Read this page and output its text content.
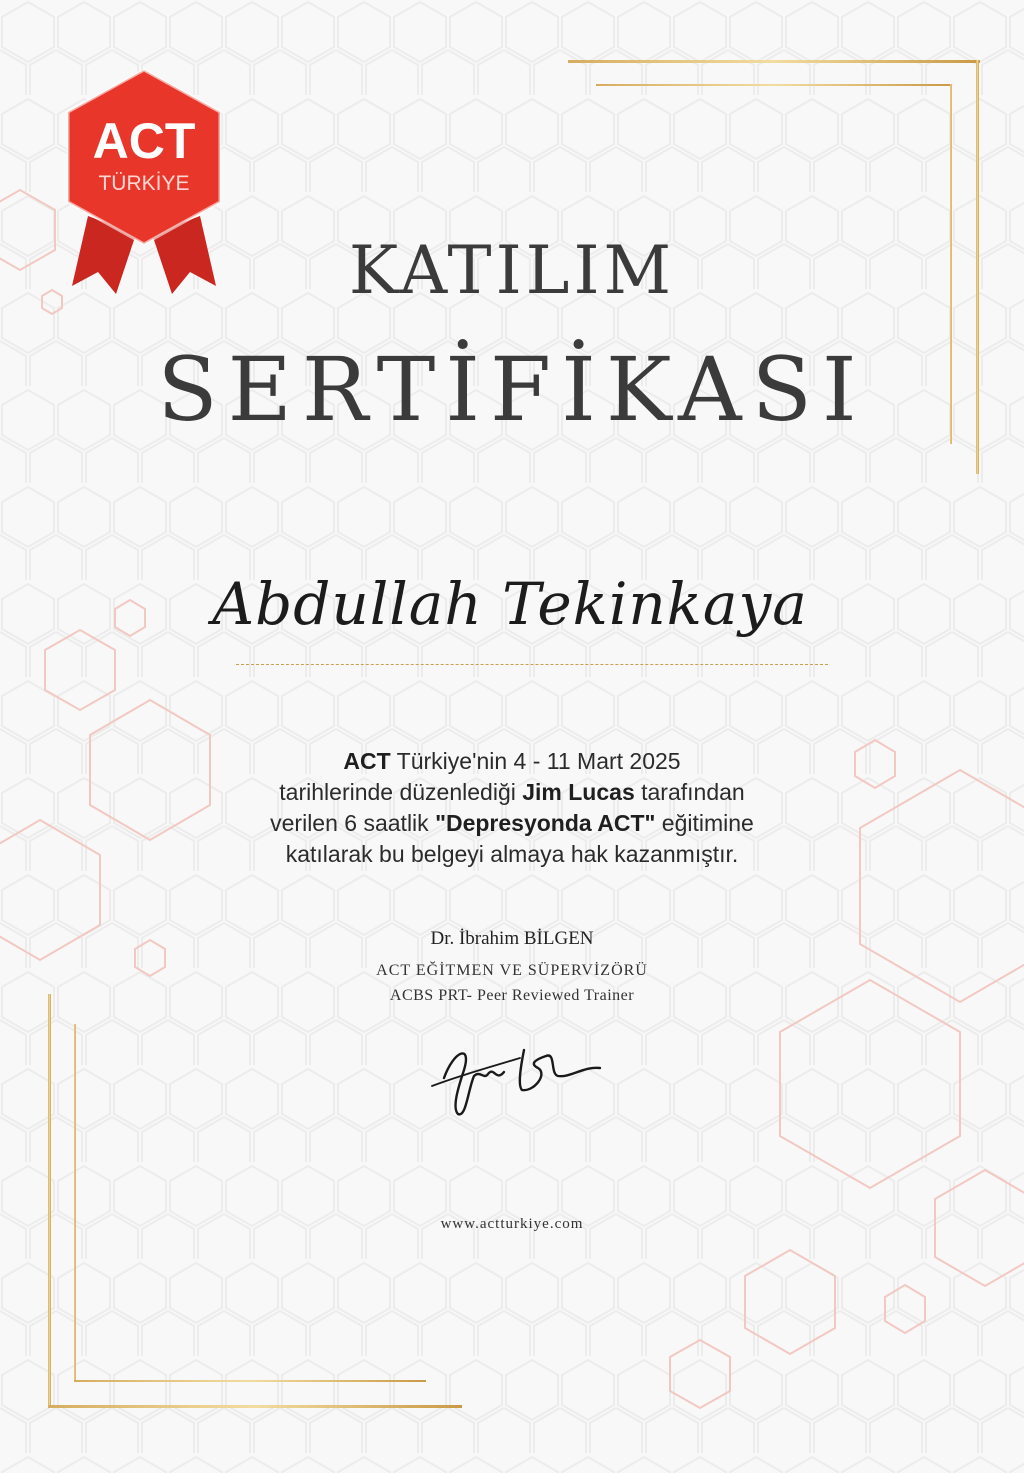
ACT
TÜRKİYE
KATILIM
SERTİFİKASI
Abdullah Tekinkaya
ACT Türkiye'nin 4 - 11 Mart 2025
tarihlerinde düzenlediği Jim Lucas tarafından
verilen 6 saatlik "Depresyonda ACT" eğitimine
katılarak bu belgeyi almaya hak kazanmıştır.
Dr. İbrahim BİLGEN
ACT EĞİTMEN VE SÜPERVİZÖRÜ
ACBS PRT- Peer Reviewed Trainer
www.actturkiye.com
